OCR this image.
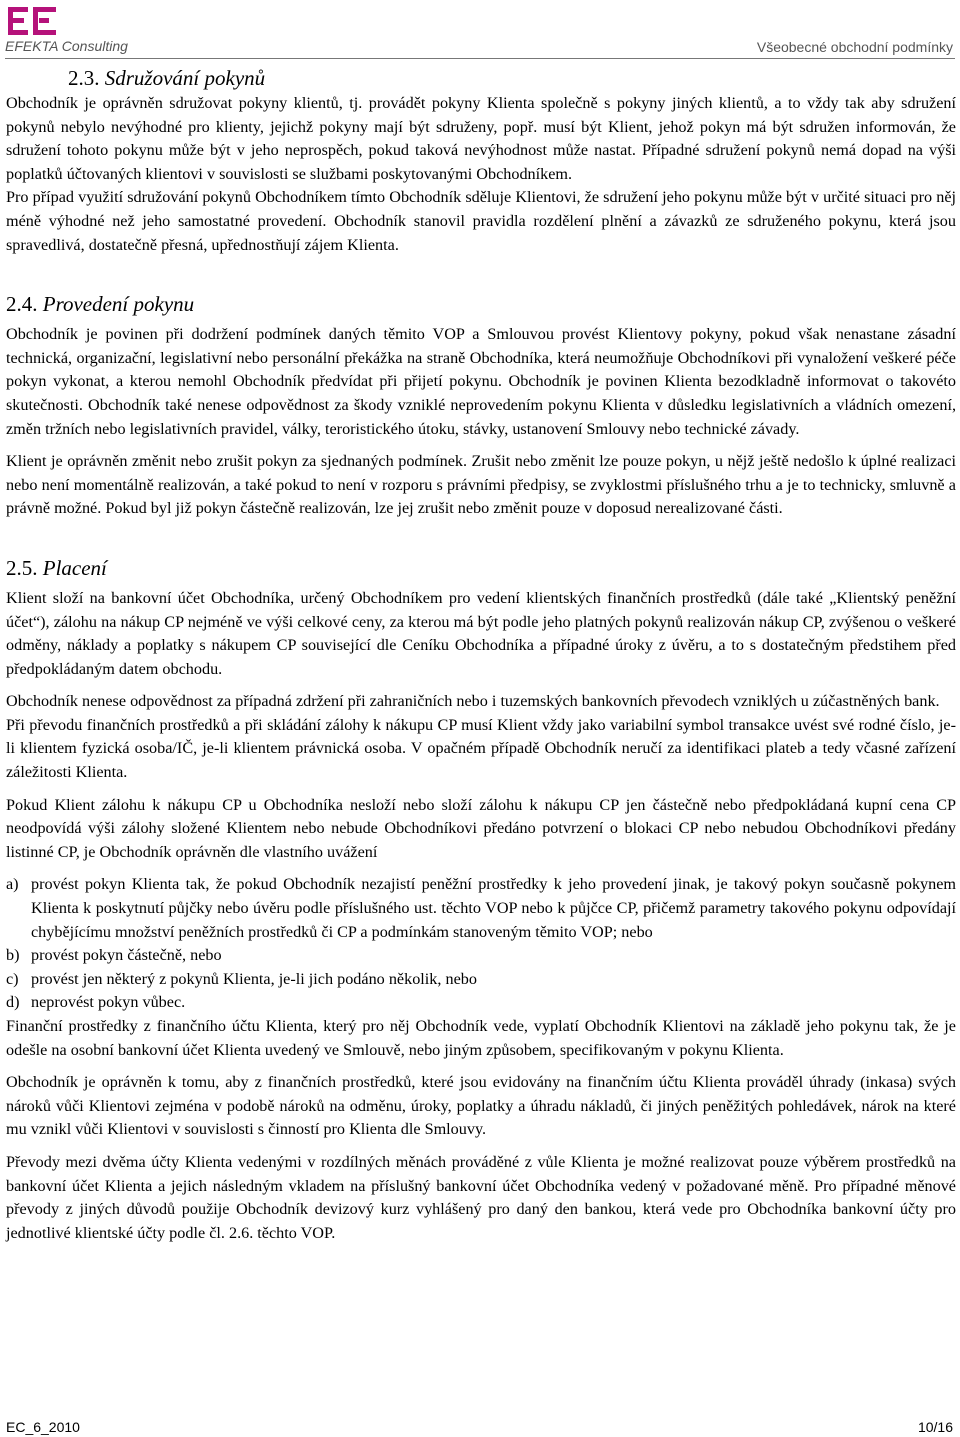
EFEKTA Consulting	Všeobecné obchodní podmínky
2.3. Sdružování pokynů

Obchodník je oprávněn sdružovat pokyny klientů, tj. provádět pokyny Klienta společně s pokyny jiných klientů, a to vždy tak aby sdružení pokynů nebylo nevýhodné pro klienty, jejichž pokyny mají být sdruženy, popř. musí být Klient, jehož pokyn má být sdružen informován, že sdružení tohoto pokynu může být v jeho neprospěch, pokud taková nevýhodnost může nastat. Případné sdružení pokynů nemá dopad na výši poplatků účtovaných klientovi v souvislosti se službami poskytovanými Obchodníkem.

Pro případ využití sdružování pokynů Obchodníkem tímto Obchodník sděluje Klientovi, že sdružení jeho pokynu může být v určité situaci pro něj méně výhodné než jeho samostatné provedení. Obchodník stanovil pravidla rozdělení plnění a závazků ze sdruženého pokynu, která jsou spravedlivá, dostatečně přesná, upřednostňují zájem Klienta.

2.4. Provedení pokynu

Obchodník je povinen při dodržení podmínek daných těmito VOP a Smlouvou provést Klientovy pokyny, pokud však nenastane zásadní technická, organizační, legislativní nebo personální překážka na straně Obchodníka, která neumožňuje Obchodníkovi při vynaložení veškeré péče pokyn vykonat, a kterou nemohl Obchodník předvídat při přijetí pokynu. Obchodník je povinen Klienta bezodkladně informovat o takovéto skutečnosti. Obchodník také nenese odpovědnost za škody vzniklé neprovedením pokynu Klienta v důsledku legislativních a vládních omezení, změn tržních nebo legislativních pravidel, války, teroristického útoku, stávky, ustanovení Smlouvy nebo technické závady.

Klient je oprávněn změnit nebo zrušit pokyn za sjednaných podmínek. Zrušit nebo změnit lze pouze pokyn, u nějž ještě nedošlo k úplné realizaci nebo není momentálně realizován, a také pokud to není v rozporu s právními předpisy, se zvyklostmi příslušného trhu a je to technicky, smluvně a právně možné. Pokud byl již pokyn částečně realizován, lze jej zrušit nebo změnit pouze v doposud nerealizované části.

2.5. Placení

Klient složí na bankovní účet Obchodníka, určený Obchodníkem pro vedení klientských finančních prostředků (dále také „Klientský peněžní účet“), zálohu na nákup CP nejméně ve výši celkové ceny, za kterou má být podle jeho platných pokynů realizován nákup CP, zvýšenou o veškeré odměny, náklady a poplatky s nákupem CP související dle Ceníku Obchodníka a případné úroky z úvěru, a to s dostatečným předstihem před předpokládaným datem obchodu.

Obchodník nenese odpovědnost za případná zdržení při zahraničních nebo i tuzemských bankovních převodech vzniklých u zúčastněných bank.

Při převodu finančních prostředků a při skládání zálohy k nákupu CP musí Klient vždy jako variabilní symbol transakce uvést své rodné číslo, je-li klientem fyzická osoba/IČ, je-li klientem právnická osoba. V opačném případě Obchodník neručí za identifikaci plateb a tedy včasné zařízení záležitosti Klienta.

Pokud Klient zálohu k nákupu CP u Obchodníka nesloží nebo složí zálohu k nákupu CP jen částečně nebo předpokládaná kupní cena CP neodpovídá výši zálohy složené Klientem nebo nebude Obchodníkovi předáno potvrzení o blokaci CP nebo nebudou Obchodníkovi předány listinné CP, je Obchodník oprávněn dle vlastního uvážení

a) provést pokyn Klienta tak, že pokud Obchodník nezajistí peněžní prostředky k jeho provedení jinak, je takový pokyn současně pokynem Klienta k poskytnutí půjčky nebo úvěru podle příslušného ust. těchto VOP nebo k půjčce CP, přičemž parametry takového pokynu odpovídají chybějícímu množství peněžních prostředků či CP a podmínkám stanoveným těmito VOP; nebo
b) provést pokyn částečně, nebo
c) provést jen některý z pokynů Klienta, je-li jich podáno několik, nebo
d) neprovést pokyn vůbec.

Finanční prostředky z finančního účtu Klienta, který pro něj Obchodník vede, vyplatí Obchodník Klientovi na základě jeho pokynu tak, že je odešle na osobní bankovní účet Klienta uvedený ve Smlouvě, nebo jiným způsobem, specifikovaným v pokynu Klienta.

Obchodník je oprávněn k tomu, aby z finančních prostředků, které jsou evidovány na finančním účtu Klienta prováděl úhrady (inkasa) svých nároků vůči Klientovi zejména v podobě nároků na odměnu, úroky, poplatky a úhradu nákladů, či jiných peněžitých pohledávek, nárok na které mu vznikl vůči Klientovi v souvislosti s činností pro Klienta dle Smlouvy.

Převody mezi dvěma účty Klienta vedenými v rozdílných měnách prováděné z vůle Klienta je možné realizovat pouze výběrem prostředků na bankovní účet Klienta a jejich následným vkladem na příslušný bankovní účet Obchodníka vedený v požadované měně. Pro případné měnové převody z jiných důvodů použije Obchodník devizový kurz vyhlášený pro daný den bankou, která vede pro Obchodníka bankovní účty pro jednotlivé klientské účty podle čl. 2.6. těchto VOP.

EC_6_2010	10/16
